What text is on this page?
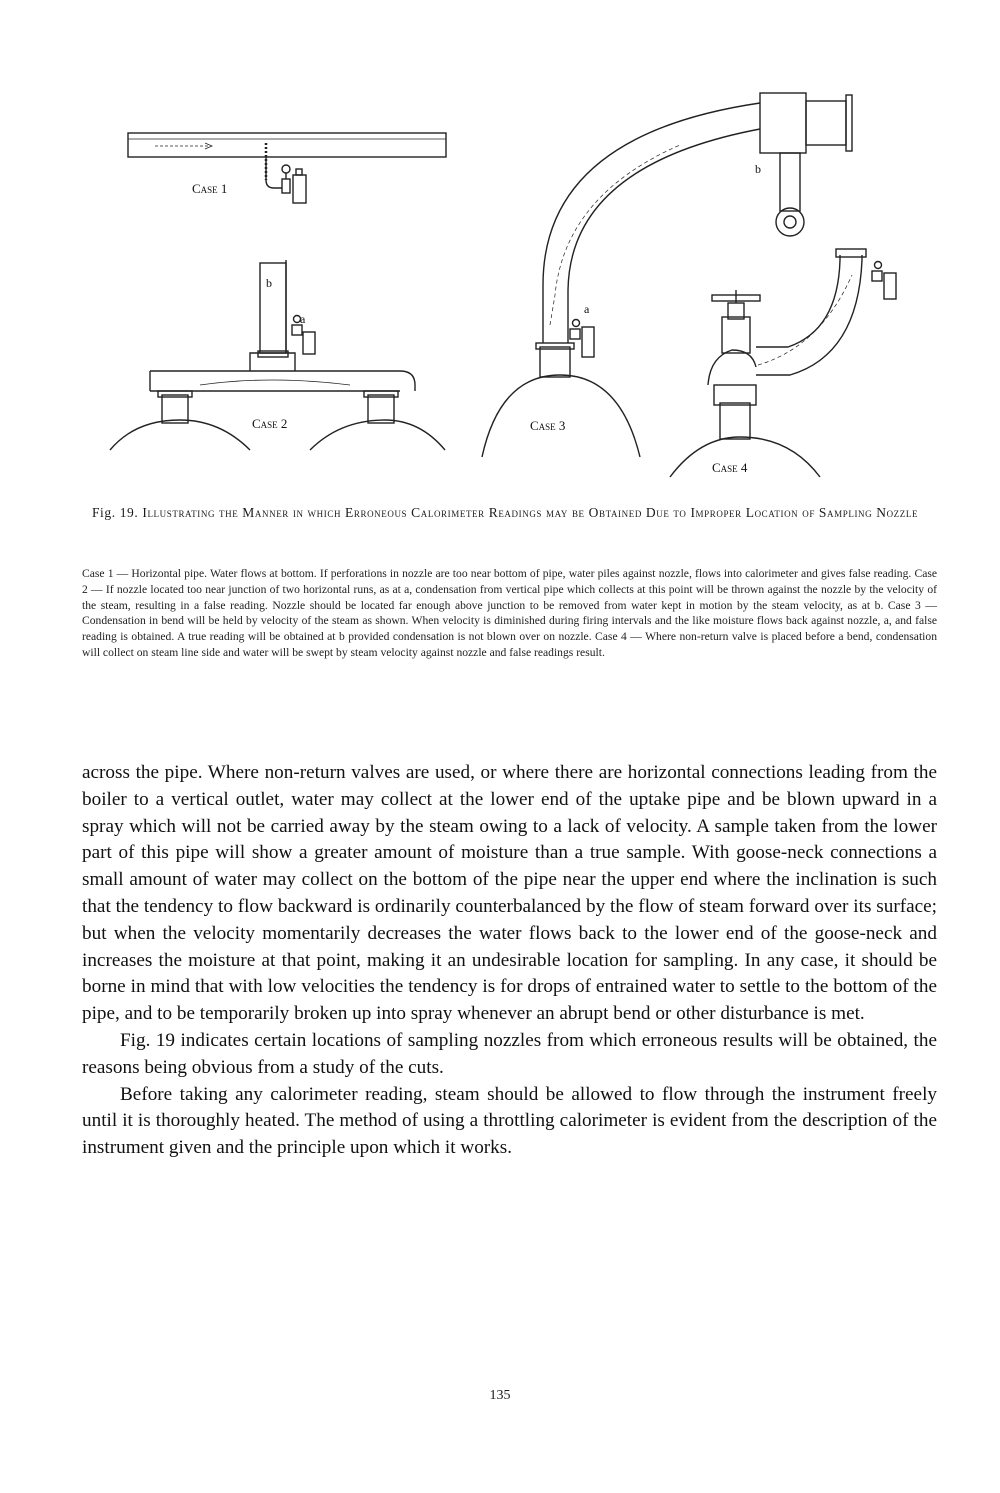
Case 1
b
a
Case 2
b
a
Case 3
Case 4
Fig. 19. Illustrating the Manner in which Erroneous Calorimeter Readings may be Obtained Due to Improper Location of Sampling Nozzle
Case 1 — Horizontal pipe. Water flows at bottom. If perforations in nozzle are too near bottom of pipe, water piles against nozzle, flows into calorimeter and gives false reading. Case 2 — If nozzle located too near junction of two horizontal runs, as at a, condensation from vertical pipe which collects at this point will be thrown against the nozzle by the velocity of the steam, resulting in a false reading. Nozzle should be located far enough above junction to be removed from water kept in motion by the steam velocity, as at b. Case 3 — Condensation in bend will be held by velocity of the steam as shown. When velocity is diminished during firing intervals and the like moisture flows back against nozzle, a, and false reading is obtained. A true reading will be obtained at b provided condensation is not blown over on nozzle. Case 4 — Where non-return valve is placed before a bend, condensation will collect on steam line side and water will be swept by steam velocity against nozzle and false readings result.

across the pipe. Where non-return valves are used, or where there are horizontal connections leading from the boiler to a vertical outlet, water may collect at the lower end of the uptake pipe and be blown upward in a spray which will not be carried away by the steam owing to a lack of velocity. A sample taken from the lower part of this pipe will show a greater amount of moisture than a true sample. With goose-neck connections a small amount of water may collect on the bottom of the pipe near the upper end where the inclination is such that the tendency to flow backward is ordinarily counterbalanced by the flow of steam forward over its surface; but when the velocity momentarily decreases the water flows back to the lower end of the goose-neck and increases the moisture at that point, making it an undesirable location for sampling. In any case, it should be borne in mind that with low velocities the tendency is for drops of entrained water to settle to the bottom of the pipe, and to be temporarily broken up into spray whenever an abrupt bend or other disturbance is met.

Fig. 19 indicates certain locations of sampling nozzles from which erroneous results will be obtained, the reasons being obvious from a study of the cuts.

Before taking any calorimeter reading, steam should be allowed to flow through the instrument freely until it is thoroughly heated. The method of using a throttling calorimeter is evident from the description of the instrument given and the principle upon which it works.

135
